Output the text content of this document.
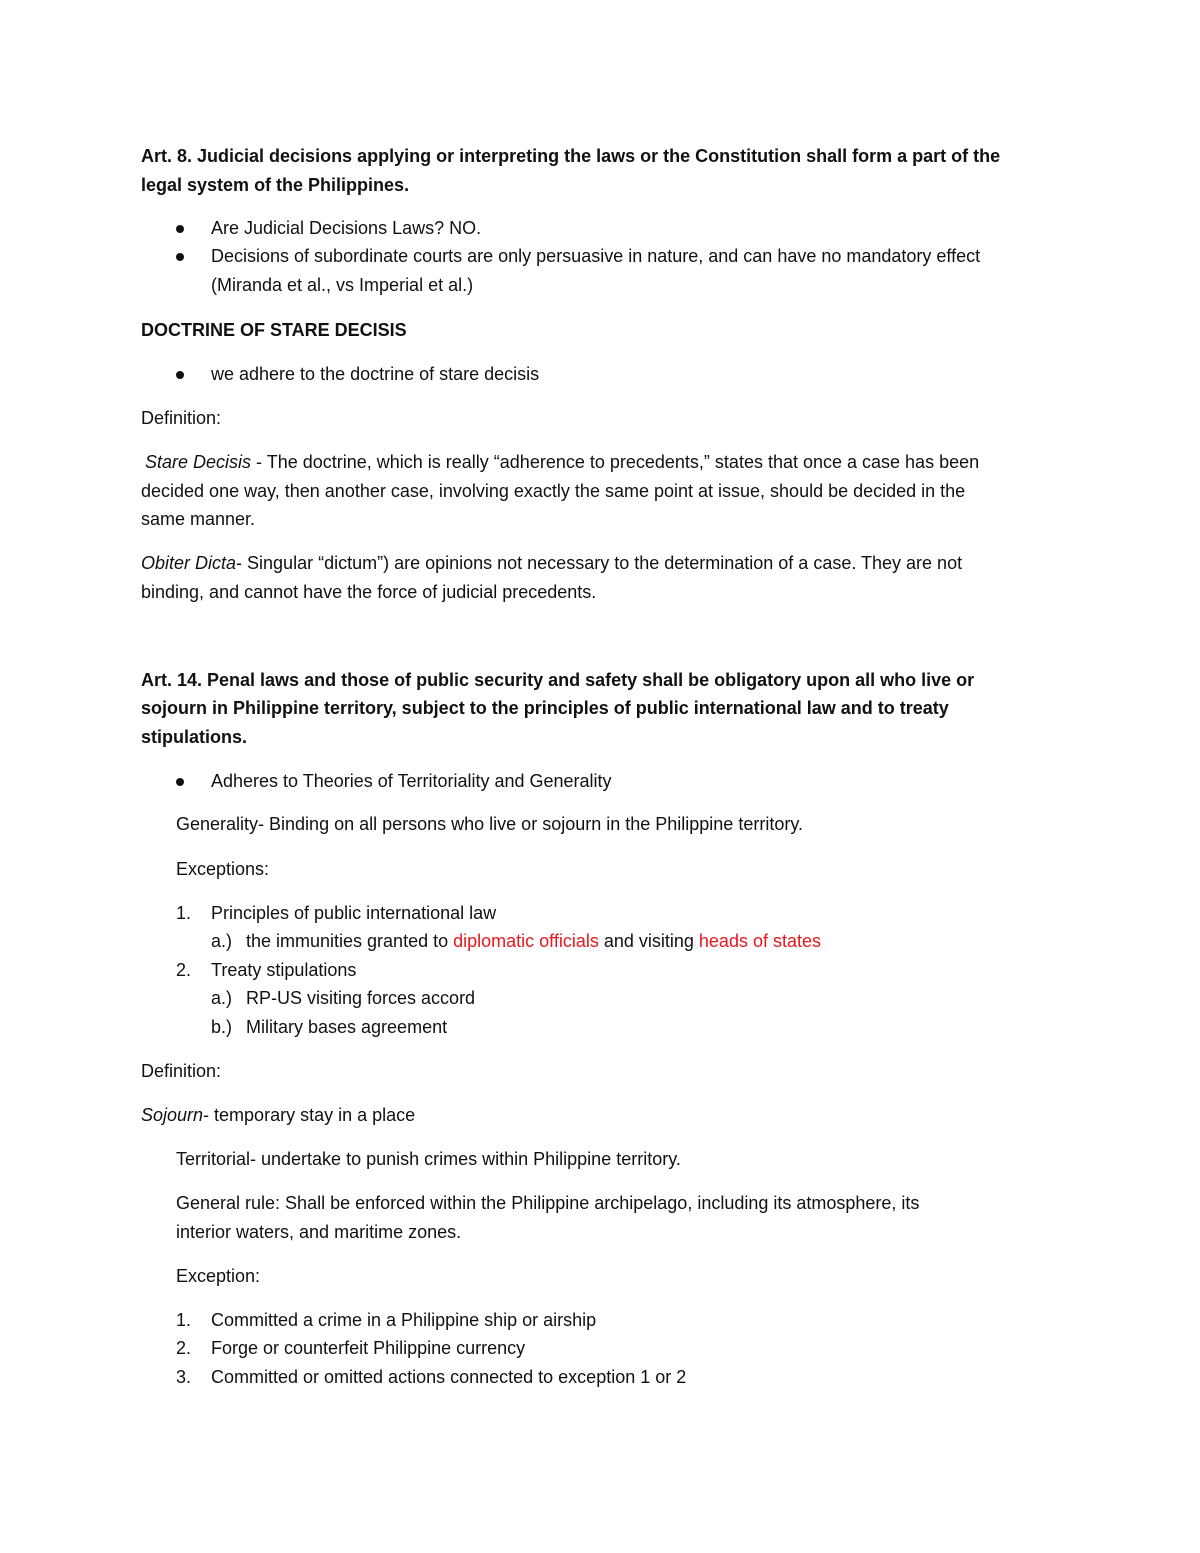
Art. 8. Judicial decisions applying or interpreting the laws or the Constitution shall form a part of the
legal system of the Philippines.
Are Judicial Decisions Laws? NO.
Decisions of subordinate courts are only persuasive in nature, and can have no mandatory effect
(Miranda et al., vs Imperial et al.)
DOCTRINE OF STARE DECISIS
we adhere to the doctrine of stare decisis
Definition:
Stare Decisis - The doctrine, which is really “adherence to precedents,” states that once a case has been
decided one way, then another case, involving exactly the same point at issue, should be decided in the
same manner.
Obiter Dicta- Singular “dictum”) are opinions not necessary to the determination of a case. They are not
binding, and cannot have the force of judicial precedents.
Art. 14. Penal laws and those of public security and safety shall be obligatory upon all who live or
sojourn in Philippine territory, subject to the principles of public international law and to treaty
stipulations.
Adheres to Theories of Territoriality and Generality
Generality- Binding on all persons who live or sojourn in the Philippine territory.
Exceptions:
1. Principles of public international law
a.) the immunities granted to diplomatic officials and visiting heads of states
2. Treaty stipulations
a.) RP-US visiting forces accord
b.) Military bases agreement
Definition:
Sojourn- temporary stay in a place
Territorial- undertake to punish crimes within Philippine territory.
General rule: Shall be enforced within the Philippine archipelago, including its atmosphere, its
interior waters, and maritime zones.
Exception:
1. Committed a crime in a Philippine ship or airship
2. Forge or counterfeit Philippine currency
3. Committed or omitted actions connected to exception 1 or 2
